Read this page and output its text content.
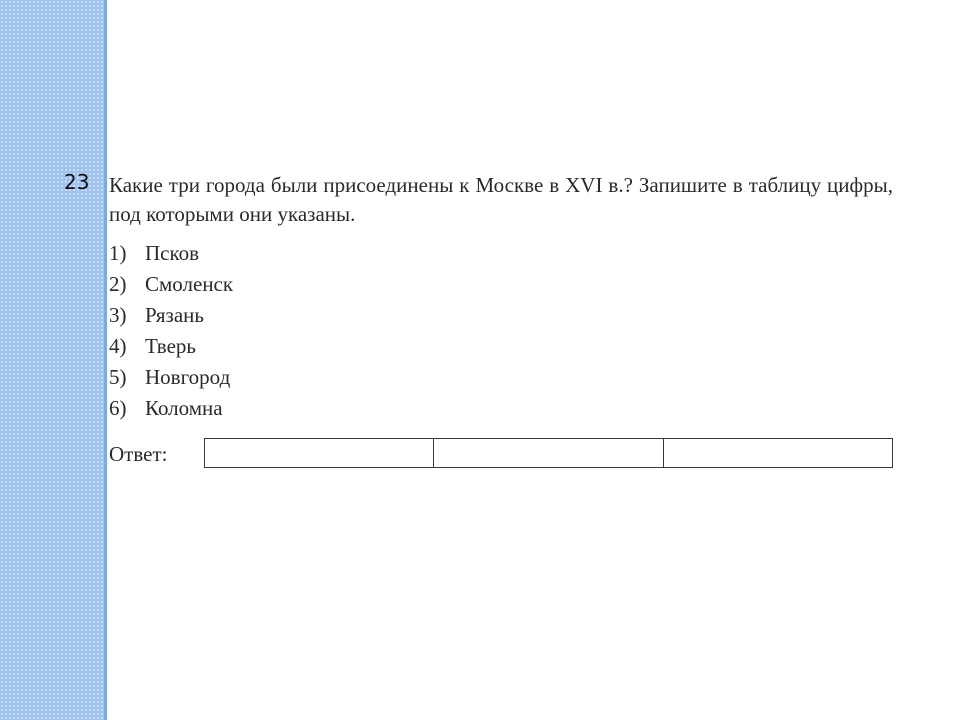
23 Какие три города были присоединены к Москве в XVI в.? Запишите в таблицу цифры, под которыми они указаны.
1) Псков
2) Смоленск
3) Рязань
4) Тверь
5) Новгород
6) Коломна
Ответ:
